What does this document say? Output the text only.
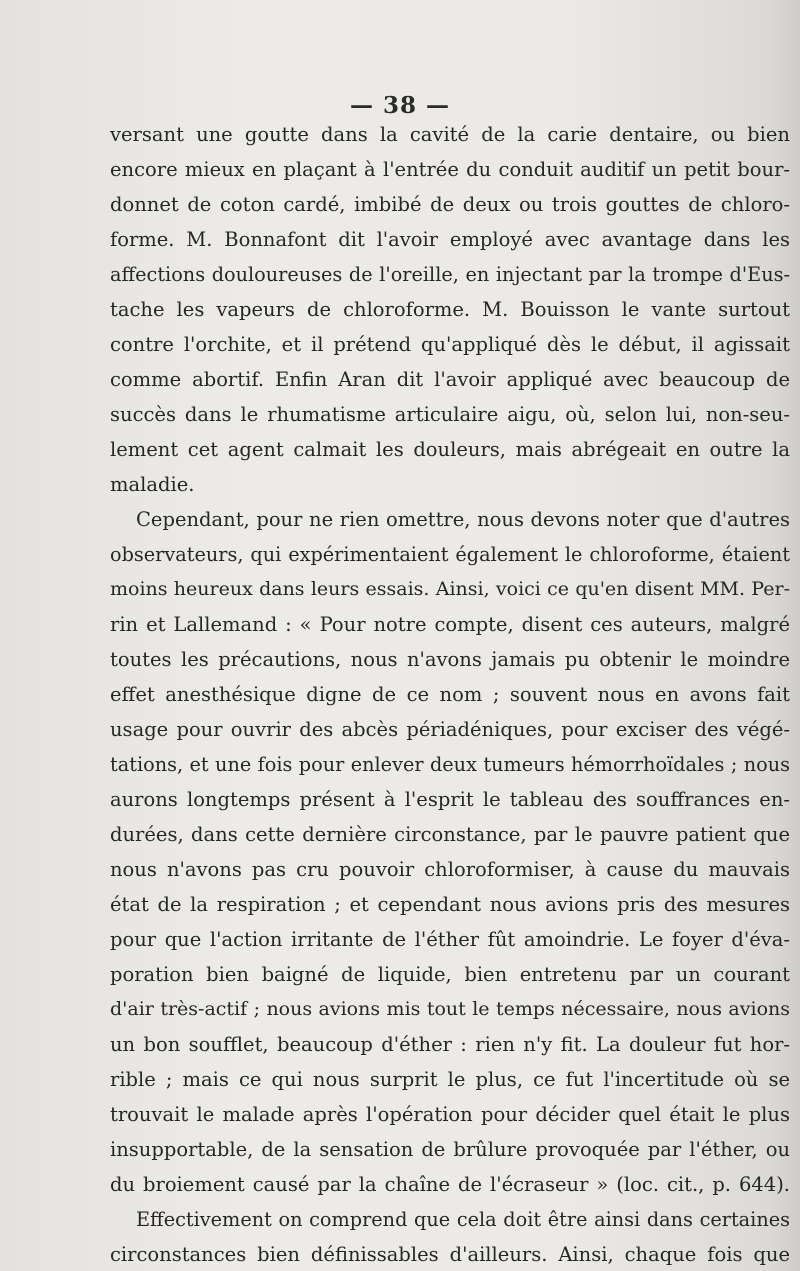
— 38 —
versant une goutte dans la cavité de la carie dentaire, ou bien
encore mieux en plaçant à l'entrée du conduit auditif un petit bour-
donnet de coton cardé, imbibé de deux ou trois gouttes de chloro-
forme. M. Bonnafont dit l'avoir employé avec avantage dans les
affections douloureuses de l'oreille, en injectant par la trompe d'Eus-
tache les vapeurs de chloroforme. M. Bouisson le vante surtout
contre l'orchite, et il prétend qu'appliqué dès le début, il agissait
comme abortif. Enfin Aran dit l'avoir appliqué avec beaucoup de
succès dans le rhumatisme articulaire aigu, où, selon lui, non-seu-
lement cet agent calmait les douleurs, mais abrégeait en outre la
maladie.
Cependant, pour ne rien omettre, nous devons noter que d'autres
observateurs, qui expérimentaient également le chloroforme, étaient
moins heureux dans leurs essais. Ainsi, voici ce qu'en disent MM. Per-
rin et Lallemand : « Pour notre compte, disent ces auteurs, malgré
toutes les précautions, nous n'avons jamais pu obtenir le moindre
effet anesthésique digne de ce nom ; souvent nous en avons fait
usage pour ouvrir des abcès périadéniques, pour exciser des végé-
tations, et une fois pour enlever deux tumeurs hémorrhoïdales ; nous
aurons longtemps présent à l'esprit le tableau des souffrances en-
durées, dans cette dernière circonstance, par le pauvre patient que
nous n'avons pas cru pouvoir chloroformiser, à cause du mauvais
état de la respiration ; et cependant nous avions pris des mesures
pour que l'action irritante de l'éther fût amoindrie. Le foyer d'éva-
poration bien baigné de liquide, bien entretenu par un courant
d'air très-actif ; nous avions mis tout le temps nécessaire, nous avions
un bon soufflet, beaucoup d'éther : rien n'y fit. La douleur fut hor-
rible ; mais ce qui nous surprit le plus, ce fut l'incertitude où se
trouvait le malade après l'opération pour décider quel était le plus
insupportable, de la sensation de brûlure provoquée par l'éther, ou
du broiement causé par la chaîne de l'écraseur » (loc. cit., p. 644).
Effectivement on comprend que cela doit être ainsi dans certaines
circonstances bien définissables d'ailleurs. Ainsi, chaque fois que
